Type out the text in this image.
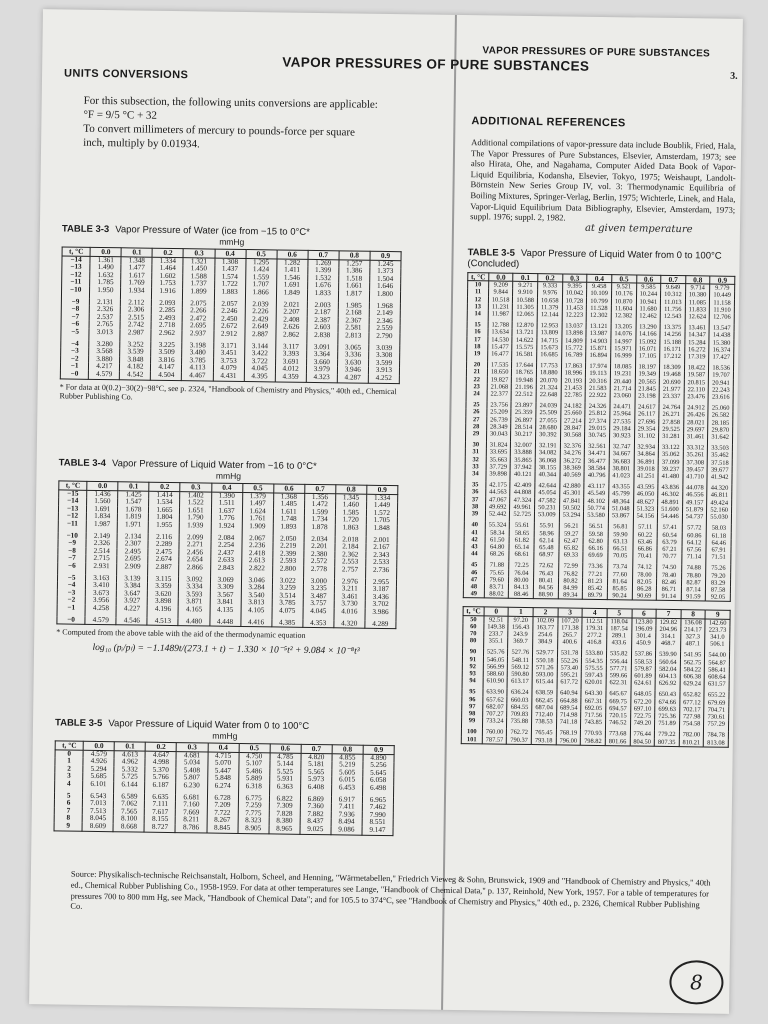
VAPOR PRESSURES OF PURE SUBSTANCES
3.
VAPOR PRESSURES OF PURE SUBSTANCES
UNITS CONVERSIONS
For this subsection, the following units conversions are applicable:
°F = 9/5 °C + 32
To convert millimeters of mercury to pounds-force per square
inch, multiply by 0.01934.
ADDITIONAL REFERENCES
Additional compilations of vapor-pressure data include Boublik, Fried, Hala, The Vapor Pressures of Pure Substances, Elsevier, Amsterdam, 1973; see also Hirata, Ohe, and Nagahama, Computer Aided Data Book of Vapor-Liquid Equilibria, Kodansha, Elsevier, Tokyo, 1975; Weishaupt, Landolt-Börnstein New Series Group IV, vol. 3: Thermodynamic Equilibria of Boiling Mixtures, Springer-Verlag, Berlin, 1975; Wichterle, Linek, and Hala, Vapor-Liquid Equilibrium Data Bibliography, Elsevier, Amsterdam, 1973; suppl. 1976; suppl. 2, 1982.
at given temperature
TABLE 3-3 Vapor Pressure of Water (ice from −15 to 0°C*
mmHg
t, °C	0.0	0.1	0.2	0.3	0.4	0.5	0.6	0.7	0.8	0.9
−14	1.361	1.348	1.334	1.321	1.308	1.295	1.282	1.269	1.257	1.245
−13	1.490	1.477	1.464	1.450	1.437	1.424	1.411	1.399	1.386	1.373
−12	1.632	1.617	1.602	1.588	1.574	1.559	1.546	1.532	1.518	1.504
−11	1.785	1.769	1.753	1.737	1.722	1.707	1.691	1.676	1.661	1.646
−10	1.950	1.934	1.916	1.899	1.883	1.866	1.849	1.833	1.817	1.800
−9	2.131	2.112	2.093	2.075	2.057	2.039	2.021	2.003	1.985	1.968
−8	2.326	2.306	2.285	2.266	2.246	2.226	2.207	2.187	2.168	2.149
−7	2.537	2.515	2.493	2.472	2.450	2.429	2.408	2.387	2.367	2.346
−6	2.765	2.742	2.718	2.695	2.672	2.649	2.626	2.603	2.581	2.559
−5	3.013	2.987	2.962	2.937	2.912	2.887	2.862	2.838	2.813	2.790
−4	3.280	3.252	3.225	3.198	3.171	3.144	3.117	3.091	3.065	3.039
−3	3.568	3.539	3.509	3.480	3.451	3.422	3.393	3.364	3.336	3.308
−2	3.880	3.848	3.816	3.785	3.753	3.722	3.691	3.660	3.630	3.599
−1	4.217	4.182	4.147	4.113	4.079	4.045	4.012	3.979	3.946	3.913
−0	4.579	4.542	4.504	4.467	4.431	4.395	4.359	4.323	4.287	4.252
* For data at 0(0.2)−30(2)−98°C, see p. 2324, "Handbook of Chemistry and Physics," 40th ed., Chemical Rubber Publishing Co.
TABLE 3-4 Vapor Pressure of Liquid Water from −16 to 0°C*
mmHg
t, °C	0.0	0.1	0.2	0.3	0.4	0.5	0.6	0.7	0.8	0.9
−15	1.436	1.425	1.414	1.402	1.390	1.379	1.368	1.356	1.345	1.334
−14	1.560	1.547	1.534	1.522	1.511	1.497	1.485	1.472	1.460	1.449
−13	1.691	1.678	1.665	1.651	1.637	1.624	1.611	1.599	1.585	1.572
−12	1.834	1.819	1.804	1.790	1.776	1.761	1.748	1.734	1.720	1.705
−11	1.987	1.971	1.955	1.939	1.924	1.909	1.893	1.878	1.863	1.848
−10	2.149	2.134	2.116	2.099	2.084	2.067	2.050	2.034	2.018	2.001
−9	2.326	2.307	2.289	2.271	2.254	2.236	2.219	2.201	2.184	2.167
−8	2.514	2.495	2.475	2.456	2.437	2.418	2.399	2.380	2.362	2.343
−7	2.715	2.695	2.674	2.654	2.633	2.613	2.593	2.572	2.553	2.533
−6	2.931	2.909	2.887	2.866	2.843	2.822	2.800	2.778	2.757	2.736
−5	3.163	3.139	3.115	3.092	3.069	3.046	3.022	3.000	2.976	2.955
−4	3.410	3.384	3.359	3.334	3.309	3.284	3.259	3.235	3.211	3.187
−3	3.673	3.647	3.620	3.593	3.567	3.540	3.514	3.487	3.461	3.436
−2	3.956	3.927	3.898	3.871	3.841	3.813	3.785	3.757	3.730	3.702
−1	4.258	4.227	4.196	4.165	4.135	4.105	4.075	4.045	4.016	3.986
−0	4.579	4.546	4.513	4.480	4.448	4.416	4.385	4.353	4.320	4.289
* Computed from the above table with the aid of the thermodynamic equation
log₁₀ (pᵢ/pₗ) = −1.1489t/(273.1 + t) − 1.330 × 10⁻⁵t² + 9.084 × 10⁻⁸t³
TABLE 3-5 Vapor Pressure of Liquid Water from 0 to 100°C
mmHg
t, °C	0.0	0.1	0.2	0.3	0.4	0.5	0.6	0.7	0.8	0.9
0	4.579	4.613	4.647	4.681	4.715	4.750	4.785	4.820	4.855	4.890
1	4.926	4.962	4.998	5.034	5.070	5.107	5.144	5.181	5.219	5.256
2	5.294	5.332	5.370	5.408	5.447	5.486	5.525	5.565	5.605	5.645
3	5.685	5.725	5.766	5.807	5.848	5.889	5.931	5.973	6.015	6.058
4	6.101	6.144	6.187	6.230	6.274	6.318	6.363	6.408	6.453	6.498
5	6.543	6.589	6.635	6.681	6.728	6.775	6.822	6.869	6.917	6.965
6	7.013	7.062	7.111	7.160	7.209	7.259	7.309	7.360	7.411	7.462
7	7.513	7.565	7.617	7.669	7.722	7.775	7.828	7.882	7.936	7.990
8	8.045	8.100	8.155	8.211	8.267	8.323	8.380	8.437	8.494	8.551
9	8.609	8.668	8.727	8.786	8.845	8.905	8.965	9.025	9.086	9.147
TABLE 3-5 Vapor Pressure of Liquid Water from 0 to 100°C (Concluded)
t, °C	0.0	0.1	0.2	0.3	0.4	0.5	0.6	0.7	0.8	0.9
10	9.209	9.271	9.333	9.395	9.458	9.521	9.585	9.649	9.714	9.779
11	9.844	9.910	9.976	10.042	10.109	10.176	10.244	10.312	10.380	10.449
12	10.518	10.588	10.658	10.728	10.799	10.870	10.941	11.013	11.085	11.158
13	11.231	11.305	11.379	11.453	11.528	11.604	11.680	11.756	11.833	11.910
14	11.987	12.065	12.144	12.223	12.302	12.382	12.462	12.543	12.624	12.706
15	12.788	12.870	12.953	13.037	13.121	13.205	13.290	13.375	13.461	13.547
16	13.634	13.721	13.809	13.898	13.987	14.076	14.166	14.256	14.347	14.438
17	14.530	14.622	14.715	14.809	14.903	14.997	15.092	15.188	15.284	15.380
18	15.477	15.575	15.673	15.772	15.871	15.971	16.071	16.171	16.272	16.374
19	16.477	16.581	16.685	16.789	16.894	16.999	17.105	17.212	17.319	17.427
20	17.535	17.644	17.753	17.863	17.974	18.085	18.197	18.309	18.422	18.536
21	18.650	18.765	18.880	18.996	19.113	19.231	19.349	19.468	19.587	19.707
22	19.827	19.948	20.070	20.193	20.316	20.440	20.565	20.690	20.815	20.941
23	21.068	21.196	21.324	21.453	21.583	21.714	21.845	21.977	22.110	22.243
24	22.377	22.512	22.648	22.785	22.922	23.060	23.198	23.337	23.476	23.616
25	23.756	23.897	24.039	24.182	24.326	24.471	24.617	24.764	24.912	25.060
26	25.209	25.359	25.509	25.660	25.812	25.964	26.117	26.271	26.426	26.582
27	26.739	26.897	27.055	27.214	27.374	27.535	27.696	27.858	28.021	28.185
28	28.349	28.514	28.680	28.847	29.015	29.184	29.354	29.525	29.697	29.870
29	30.043	30.217	30.392	30.568	30.745	30.923	31.102	31.281	31.461	31.642
30	31.824	32.007	32.191	32.376	32.561	32.747	32.934	33.122	33.312	33.503
31	33.695	33.888	34.082	34.276	34.471	34.667	34.864	35.062	35.261	35.462
32	35.663	35.865	36.068	36.272	36.477	36.683	36.891	37.099	37.308	37.518
33	37.729	37.942	38.155	38.369	38.584	38.801	39.018	39.237	39.457	39.677
34	39.898	40.121	40.344	40.569	40.796	41.023	41.251	41.480	41.710	41.942
35	42.175	42.409	42.644	42.880	43.117	43.355	43.595	43.836	44.078	44.320
36	44.563	44.808	45.054	45.301	45.549	45.799	46.050	46.302	46.556	46.811
37	47.067	47.324	47.582	47.841	48.102	48.364	48.627	48.891	49.157	49.424
38	49.692	49.961	50.231	50.502	50.774	51.048	51.323	51.600	51.879	52.160
39	52.442	52.725	53.009	53.294	53.580	53.867	54.156	54.446	54.737	55.030
40	55.324	55.61	55.91	56.21	56.51	56.81	57.11	57.41	57.72	58.03
41	58.34	58.65	58.96	59.27	59.58	59.90	60.22	60.54	60.86	61.18
42	61.50	61.82	62.14	62.47	62.80	63.13	63.46	63.79	64.12	64.46
43	64.80	65.14	65.48	65.82	66.16	66.51	66.86	67.21	67.56	67.91
44	68.26	68.61	68.97	69.33	69.69	70.05	70.41	70.77	71.14	71.51
45	71.88	72.25	72.62	72.99	73.36	73.74	74.12	74.50	74.88	75.26
46	75.65	76.04	76.43	76.82	77.21	77.60	78.00	78.40	78.80	79.20
47	79.60	80.00	80.41	80.82	81.23	81.64	82.05	82.46	82.87	83.29
48	83.71	84.13	84.56	84.99	85.42	85.85	86.28	86.71	87.14	87.58
49	88.02	88.46	88.90	89.34	89.79	90.24	90.69	91.14	91.59	92.05
t, °C	0	1	2	3	4	5	6	7	8	9
50	92.51	97.20	102.09	107.20	112.51	118.04	123.80	129.82	136.08	142.60
60	149.38	156.43	163.77	171.38	179.31	187.54	196.09	204.96	214.17	223.73
70	233.7	243.9	254.6	265.7	277.2	289.1	301.4	314.1	327.3	341.0
80	355.1	369.7	384.9	400.6	416.8	433.6	450.9	468.7	487.1	506.1
90	525.76	527.76	529.77	531.78	533.80	535.82	537.86	539.90	541.95	544.00
91	546.05	548.11	550.18	552.26	554.35	556.44	558.53	560.64	562.75	564.87
92	566.99	569.12	571.26	573.40	575.55	577.71	579.87	582.04	584.22	586.41
93	588.60	590.80	593.00	595.21	597.43	599.66	601.89	604.13	606.38	608.64
94	610.90	613.17	615.44	617.72	620.01	622.31	624.61	626.92	629.24	631.57
95	633.90	636.24	638.59	640.94	643.30	645.67	648.05	650.43	652.82	655.22
96	657.62	660.03	662.45	664.88	667.31	669.75	672.20	674.66	677.12	679.69
97	682.07	684.55	687.04	689.54	692.05	694.57	697.10	699.63	702.17	704.71
98	707.27	709.83	712.40	714.98	717.56	720.15	722.75	725.36	727.98	730.61
99	733.24	735.88	738.53	741.18	743.85	746.52	749.20	751.89	754.58	757.29
100	760.00	762.72	765.45	768.19	770.93	773.68	776.44	779.22	782.00	784.78
101	787.57	790.37	793.18	796.00	798.82	801.66	804.50	807.35	810.21	813.08
Source: Physikalisch-technische Reichsanstalt, Holborn, Scheel, and Henning, "Wärmetabellen," Friedrich Vieweg & Sohn, Brunswick, 1909 and "Handbook of Chemistry and Physics," 40th ed., Chemical Rubber Publishing Co., 1958-1959. For data at other temperatures see Lange, "Handbook of Chemical Data," p. 137, Reinhold, New York, 1957. For a table of temperatures for pressures 700 to 800 mm Hg, see Mack, "Handbook of Chemical Data"; and for 105.5 to 374°C, see "Handbook of Chemistry and Physics," 40th ed., p. 2326, Chemical Rubber Publishing Co.
8
